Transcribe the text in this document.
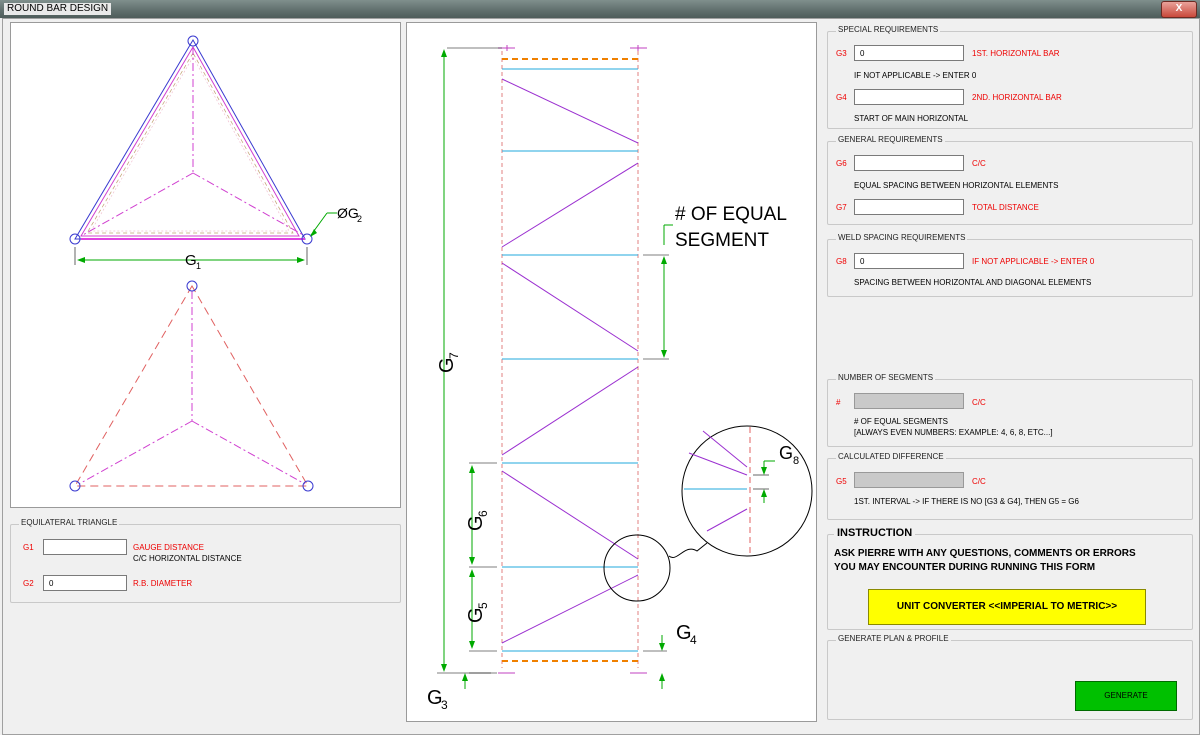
ROUND BAR DESIGN	X
G 1
ØG
2
EQUILATERAL TRIANGLE
G1	GAUGE DISTANCE
C/C HORIZONTAL DISTANCE
G2	0	R.B. DIAMETER
G
7
G
6
G
5
G
3
G
4
# OF EQUAL
SEGMENT
G 8
SPECIAL REQUIREMENTS
G3	0	1ST. HORIZONTAL BAR
IF NOT APPLICABLE -> ENTER 0
G4	2ND. HORIZONTAL BAR
START OF MAIN HORIZONTAL
GENERAL REQUIREMENTS
G6	C/C
EQUAL SPACING BETWEEN HORIZONTAL ELEMENTS
G7	TOTAL DISTANCE
WELD SPACING REQUIREMENTS
G8	0	IF NOT APPLICABLE -> ENTER 0
SPACING BETWEEN HORIZONTAL AND DIAGONAL ELEMENTS
NUMBER OF SEGMENTS
#	C/C
# OF EQUAL SEGMENTS
[ALWAYS EVEN NUMBERS: EXAMPLE: 4, 6, 8, ETC...]
CALCULATED DIFFERENCE
G5	C/C
1ST. INTERVAL -> IF THERE IS NO [G3 & G4], THEN G5 = G6
INSTRUCTION
ASK PIERRE WITH ANY QUESTIONS, COMMENTS OR ERRORS
YOU MAY ENCOUNTER DURING RUNNING THIS FORM
UNIT CONVERTER <<IMPERIAL TO METRIC>>
GENERATE PLAN & PROFILE
GENERATE
